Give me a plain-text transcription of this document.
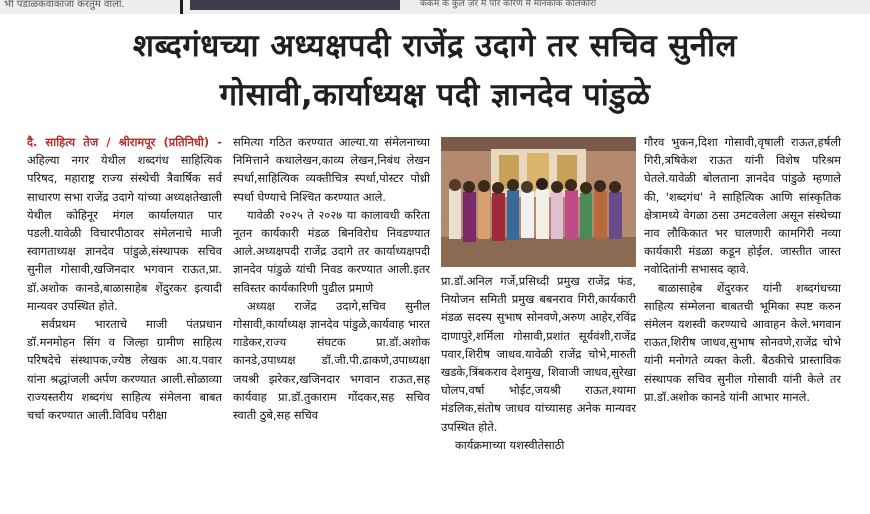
भी पडाळकवाकाजा करतुम वाला.	ककम के कुल ज़र मैं पोर कोरण में मानकाक कोलकोरा
शब्दगंधच्या अध्यक्षपदी राजेंद्र उदागे तर सचिव सुनील
गोसावी,कार्याध्यक्ष पदी ज्ञानदेव पांडुळे

दै. साहित्य तेज / श्रीरामपूर (प्रतिनिधी) - अहिल्या नगर येथील शब्दगंध साहित्यिक परिषद, महाराष्ट्र राज्य संस्थेची त्रैवार्षिक सर्व साधारण सभा राजेंद्र उदागे यांच्या अध्यक्षतेखाली येथील कोहिनूर मंगल कार्यालयात पार पडली.यावेळी विचारपीठावर संमेलनाचे माजी स्वागताध्यक्ष ज्ञानदेव पांडुळे,संस्थापक सचिव सुनील गोसावी,खजिनदार भगवान राऊत,प्रा. डॉ.अशोक कानडे,बाळासाहेब शेंदुरकर इत्यादी मान्यवर उपस्थित होते.

सर्वप्रथम भारताचे माजी पंतप्रधान डॉ.मनमोहन सिंग व जिल्हा ग्रामीण साहित्य परिषदेचे संस्थापक,ज्येष्ठ लेखक आ.य.पवार यांना श्रद्धांजली अर्पण करण्यात आली.सोळाव्या राज्यस्तरीय शब्दगंध साहित्य संमेलना बाबत चर्चा करण्यात आली.विविध परीक्षा

समित्या गठित करण्यात आल्या.या संमेलनाच्या निमित्ताने कथालेखन,काव्य लेखन,निबंध लेखन स्पर्धा,साहित्यिक व्यक्तीचित्र स्पर्धा,पोस्टर पोथ्री स्पर्धा घेण्याचे निश्चित करण्यात आले.

यावेळी २०२५ ते २०२७ या कालावधी करिता नूतन कार्यकारी मंडळ बिनविरोध निवडण्यात आले.अध्यक्षपदी राजेंद्र उदागे तर कार्याध्यक्षपदी ज्ञानदेव पांडुळे यांची निवड करण्यात आली.इतर सविस्तर कार्यकारिणी पुढील प्रमाणे

अध्यक्ष राजेंद्र उदागे,सचिव सुनील गोसावी,कार्याध्यक्ष ज्ञानदेव पांडुळे,कार्यवाह भारत गाडेकर,राज्य संघटक प्रा.डॉ.अशोक कानडे,उपाध्यक्ष डॉ.जी.पी.ढाकणे,उपाध्यक्षा जयश्री झरेकर,खजिनदार भगवान राऊत,सह कार्यवाह प्रा.डॉ.तुकाराम गोंदकर,सह सचिव स्वाती ठुबे,सह सचिव

प्रा.डॉ.अनिल गर्जे,प्रसिध्दी प्रमुख राजेंद्र फंड, नियोजन समिती प्रमुख बबनराव गिरी,कार्यकारी मंडळ सदस्य सुभाष सोनवणे,अरुण आहेर,रविंद्र दाणापुरे,शर्मिला गोसावी,प्रशांत सूर्यवंशी,राजेंद्र पवार,शिरीष जाधव.यावेळी राजेंद्र चोभे,मारुती खडके,त्रिंबकराव देशमुख, शिवाजी जाधव,सुरेखा घोलप,वर्षा भोईट,जयश्री राऊत,श्यामा मंडलिक,संतोष जाधव यांच्यासह अनेक मान्यवर उपस्थित होते.

कार्यक्रमाच्या यशस्वीतेसाठी

गौरव भुकन,दिशा गोसावी,वृषाली राऊत,हर्षली गिरी,त्रषिकेश राऊत यांनी विशेष परिश्रम घेतले.यावेळी बोलताना ज्ञानदेव पांडुळे म्हणाले की, 'शब्दगंध' ने साहित्यिक आणि सांस्कृतिक क्षेत्रामध्ये वेगळा ठसा उमटवलेला असून संस्थेच्या नाव लौकिकात भर घालणारी कामगिरी नव्या कार्यकारी मंडळा कडून होईल. जास्तीत जास्त नवोदितांनी सभासद व्हावे.

बाळासाहेब शेंदुरकर यांनी शब्दगंधच्या साहित्य संम्मेलना बाबतची भूमिका स्पष्ट करुन संमेलन यशस्वी करण्याचे आवाहन केले.भगवान राऊत,शिरीष जाधव,सुभाष सोनवणे,राजेंद्र चोभे यांनी मनोगते व्यक्त केली. बैठकीचे प्रास्ताविक संस्थापक सचिव सुनील गोसावी यांनी केले तर प्रा.डॉ.अशोक कानडे यांनी आभार मानले.
